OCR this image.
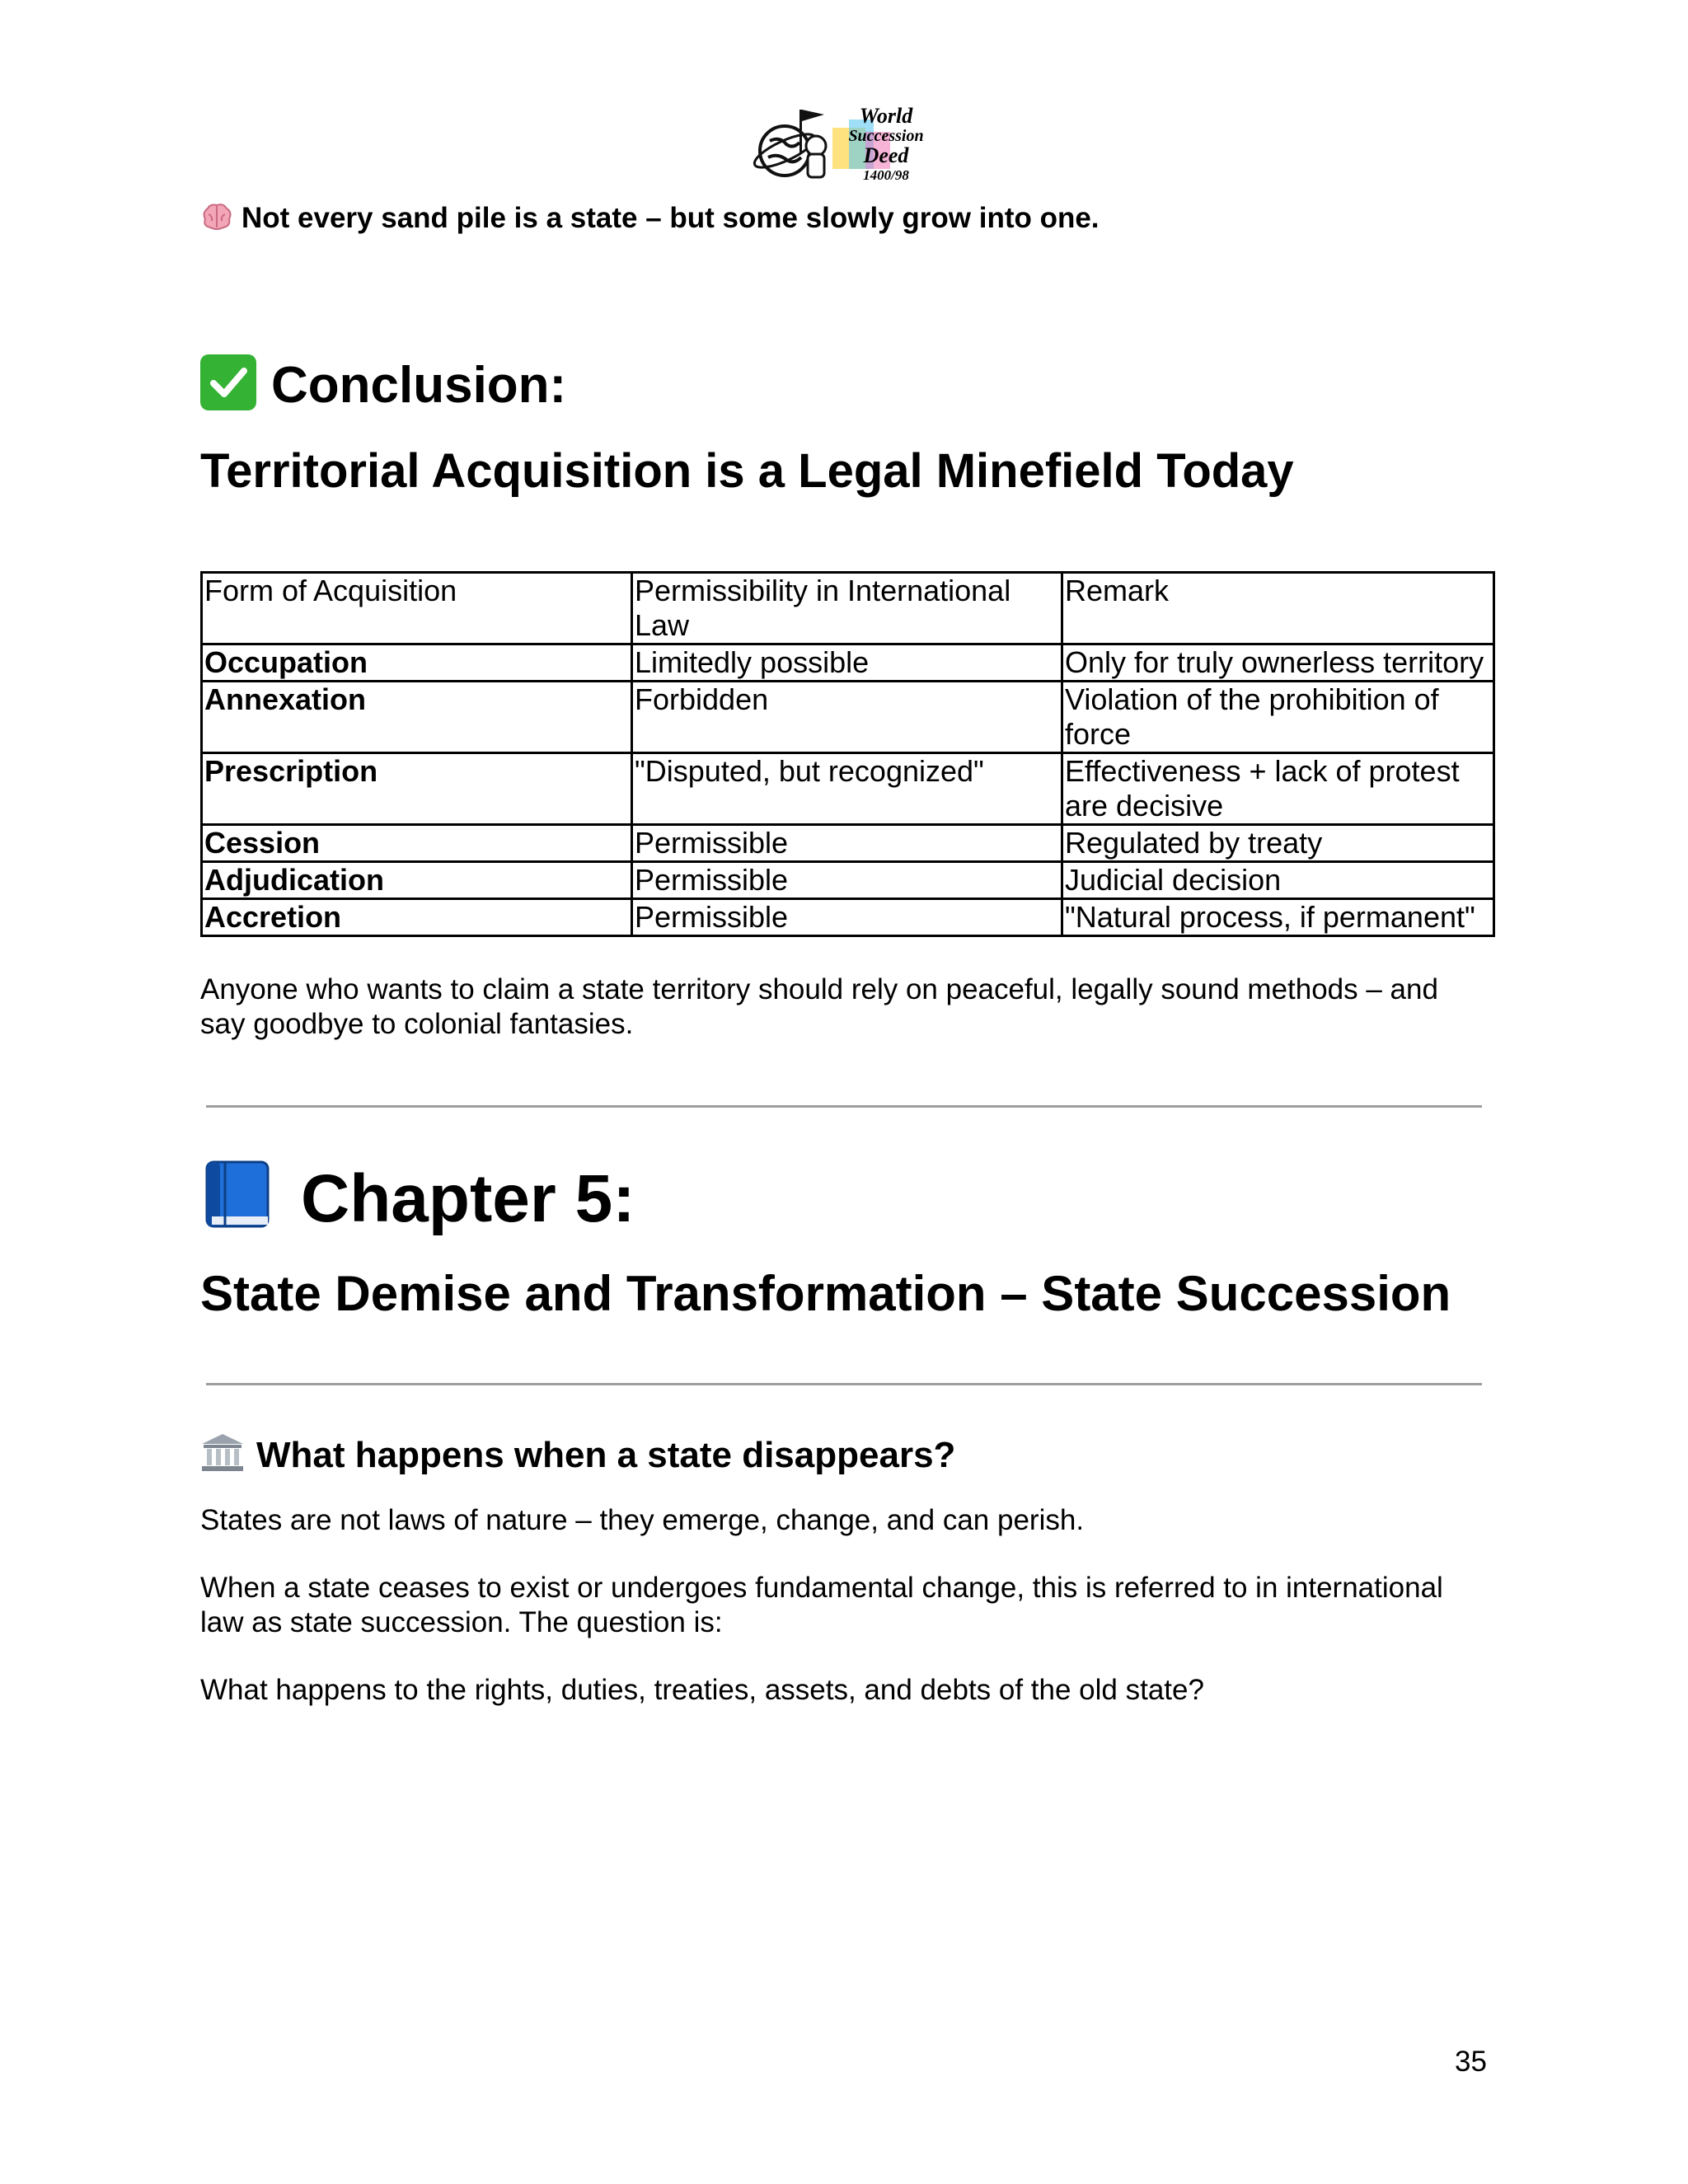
World
Succession
Deed
1400/98
Not every sand pile is a state – but some slowly grow into one.
Conclusion:
Territorial Acquisition is a Legal Minefield Today
Form of Acquisition	Permissibility in International Law	Remark
Occupation	Limitedly possible	Only for truly ownerless territory
Annexation	Forbidden	Violation of the prohibition of force
Prescription	"Disputed, but recognized"	Effectiveness + lack of protest are decisive
Cession	Permissible	Regulated by treaty
Adjudication	Permissible	Judicial decision
Accretion	Permissible	"Natural process, if permanent"
Anyone who wants to claim a state territory should rely on peaceful, legally sound methods – and say goodbye to colonial fantasies.
Chapter 5:
State Demise and Transformation – State Succession
What happens when a state disappears?
States are not laws of nature – they emerge, change, and can perish.
When a state ceases to exist or undergoes fundamental change, this is referred to in international law as state succession. The question is:
What happens to the rights, duties, treaties, assets, and debts of the old state?
35
